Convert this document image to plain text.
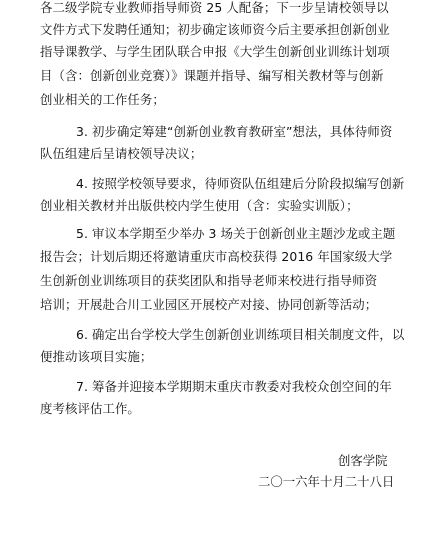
各二级学院专业教师指导师资 25 人配备；下一步呈请校领导以
文件方式下发聘任通知；初步确定该师资今后主要承担创新创业
指导课教学、与学生团队联合申报《大学生创新创业训练计划项
目（含：创新创业竞赛）》课题并指导、编写相关教材等与创新
创业相关的工作任务；
3. 初步确定筹建“创新创业教育教研室”想法，具体待师资
队伍组建后呈请校领导决议；
4. 按照学校领导要求，待师资队伍组建后分阶段拟编写创新
创业相关教材并出版供校内学生使用（含：实验实训版）；
5. 审议本学期至少举办 3 场关于创新创业主题沙龙或主题
报告会；计划后期还将邀请重庆市高校获得 2016 年国家级大学
生创新创业训练项目的获奖团队和指导老师来校进行指导师资
培训；开展赴合川工业园区开展校产对接、协同创新等活动；
6. 确定出台学校大学生创新创业训练项目相关制度文件，以
便推动该项目实施；
7. 筹备并迎接本学期期末重庆市教委对我校众创空间的年
度考核评估工作。
创客学院
二〇一六年十月二十八日
